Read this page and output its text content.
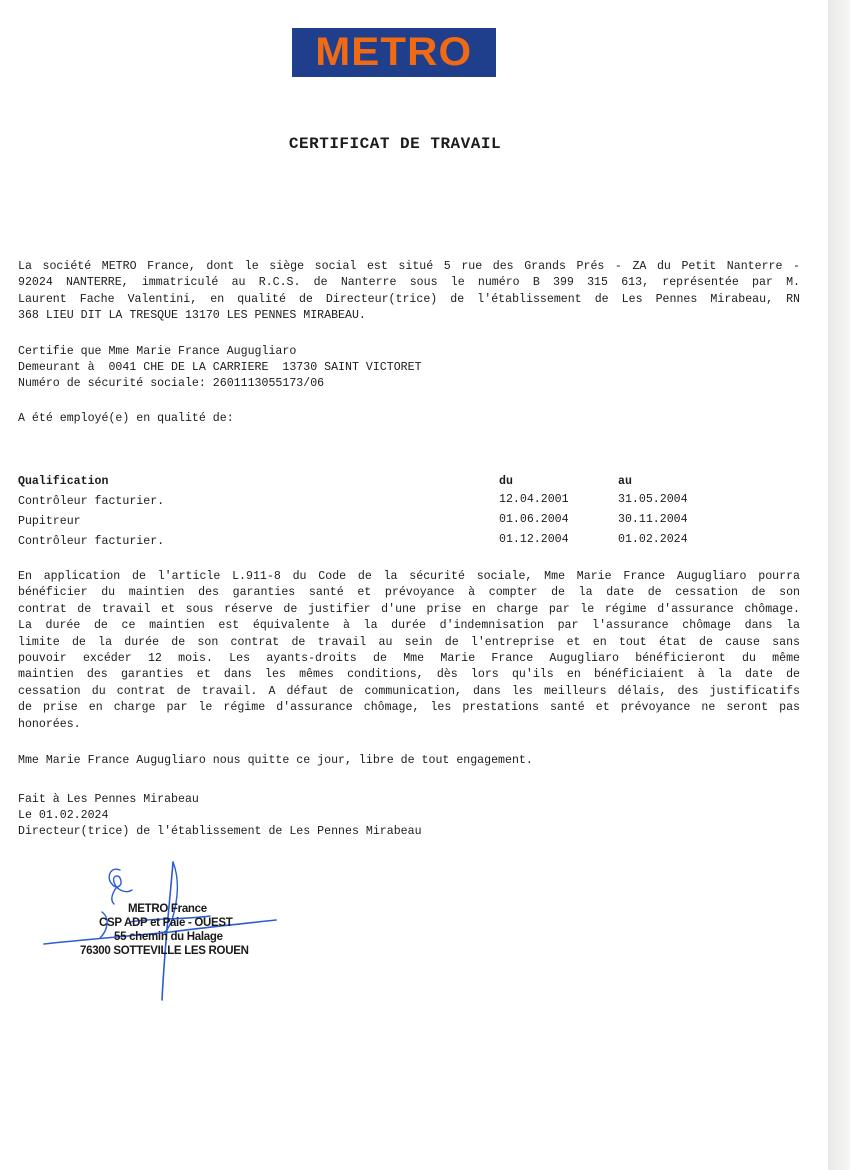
METRO
CERTIFICAT DE TRAVAIL
La société METRO France, dont le siège social est situé 5 rue des Grands Prés - ZA du Petit Nanterre -
92024 NANTERRE, immatriculé au R.C.S. de Nanterre sous le numéro B 399 315 613, représentée par M.
Laurent Fache Valentini, en qualité de Directeur(trice) de l'établissement de Les Pennes Mirabeau, RN
368 LIEU DIT LA TRESQUE 13170 LES PENNES MIRABEAU.
Certifie que Mme Marie France Augugliaro
Demeurant à  0041 CHE DE LA CARRIERE  13730 SAINT VICTORET
Numéro de sécurité sociale: 2601113055173/06
A été employé(e) en qualité de:
Qualification	du	au
Contrôleur facturier.	12.04.2001	31.05.2004
Pupitreur	01.06.2004	30.11.2004
Contrôleur facturier.	01.12.2004	01.02.2024
En application de l'article L.911-8 du Code de la sécurité sociale, Mme Marie France Augugliaro pourra
bénéficier du maintien des garanties santé et prévoyance à compter de la date de cessation de son
contrat de travail et sous réserve de justifier d'une prise en charge par le régime d'assurance chômage.
La durée de ce maintien est équivalente à la durée d'indemnisation par l'assurance chômage dans la
limite de la durée de son contrat de travail au sein de l'entreprise et en tout état de cause sans
pouvoir excéder 12 mois. Les ayants-droits de Mme Marie France Augugliaro bénéficieront du même
maintien des garanties et dans les mêmes conditions, dès lors qu'ils en bénéficiaient à la date de
cessation du contrat de travail. A défaut de communication, dans les meilleurs délais, des justificatifs
de prise en charge par le régime d'assurance chômage, les prestations santé et prévoyance ne seront pas
honorées.
Mme Marie France Augugliaro nous quitte ce jour, libre de tout engagement.
Fait à Les Pennes Mirabeau
Le 01.02.2024
Directeur(trice) de l'établissement de Les Pennes Mirabeau
METRO France
CSP ADP et Paie - OUEST
55 chemin du Halage
76300 SOTTEVILLE LES ROUEN
